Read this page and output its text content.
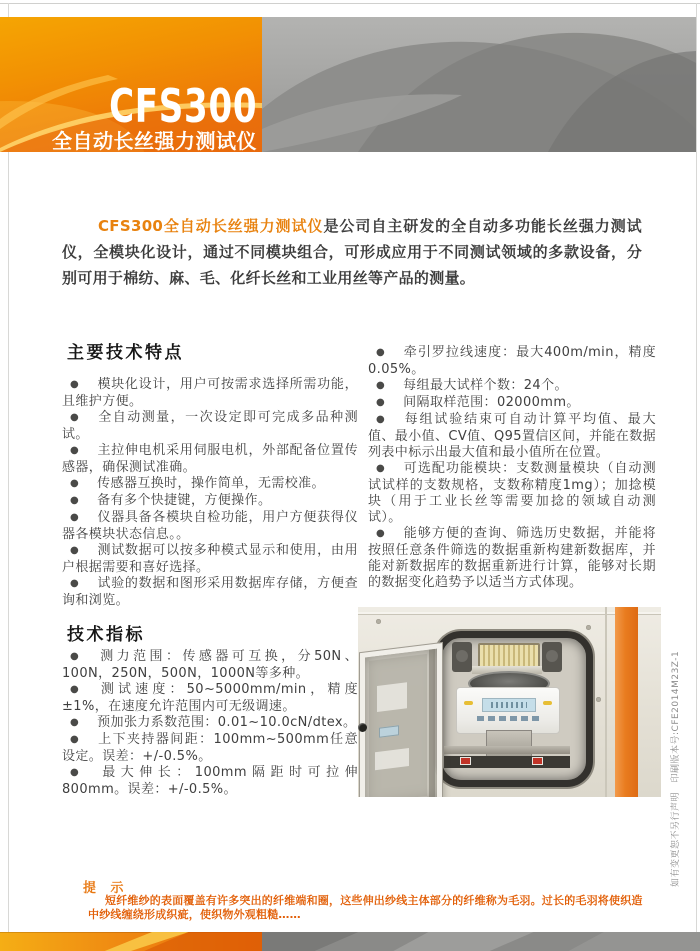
CFS300
全自动长丝强力测试仪

CFS300全自动长丝强力测试仪是公司自主研发的全自动多功能长丝强力测试仪，全模块化设计，通过不同模块组合，可形成应用于不同测试领域的多款设备，分别可用于棉纺、麻、毛、化纤长丝和工业用丝等产品的测量。

主要技术特点

● 模块化设计，用户可按需求选择所需功能，且维护方便。

● 全自动测量，一次设定即可完成多品种测试。

● 主拉伸电机采用伺服电机，外部配备位置传感器，确保测试准确。

● 传感器互换时，操作简单，无需校准。

● 备有多个快捷键，方便操作。

● 仪器具备各模块自检功能，用户方便获得仪器各模块状态信息。。

● 测试数据可以按多种模式显示和使用，由用户根据需要和喜好选择。

● 试验的数据和图形采用数据库存储，方便查询和浏览。

● 牵引罗拉线速度：最大400m/min，精度0.05%。

● 每组最大试样个数：24个。

● 间隔取样范围：02000mm。

● 每组试验结束可自动计算平均值、最大值、最小值、CV值、Q95置信区间，并能在数据列表中标示出最大值和最小值所在位置。

● 可选配功能模块：支数测量模块（自动测试试样的支数规格，支数称精度1mg）；加捻模块（用于工业长丝等需要加捻的领域自动测试）。

● 能够方便的查询、筛选历史数据，并能将按照任意条件筛选的数据重新构建新数据库，并能对新数据库的数据重新进行计算，能够对长期的数据变化趋势予以适当方式体现。

技术指标

● 测力范围：传感器可互换，分50N、100N，250N，500N，1000N等多种。

● 测试速度：50~5000mm/min，精度±1%，在速度允许范围内可无级调速。

● 预加张力系数范围：0.01~10.0cN/dtex。

● 上下夹持器间距：100mm~500mm任意设定。误差：+/-0.5%。

● 最大伸长：100mm隔距时可拉伸800mm。误差：+/-0.5%。	如有变更恕不另行声明　印刷版本号:CFE2014M23Z-1
提 示

短纤维纱的表面覆盖有许多突出的纤维端和圈，这些伸出纱线主体部分的纤维称为毛羽。过长的毛羽将使织造中纱线缠绕形成织疵，使织物外观粗糙……
